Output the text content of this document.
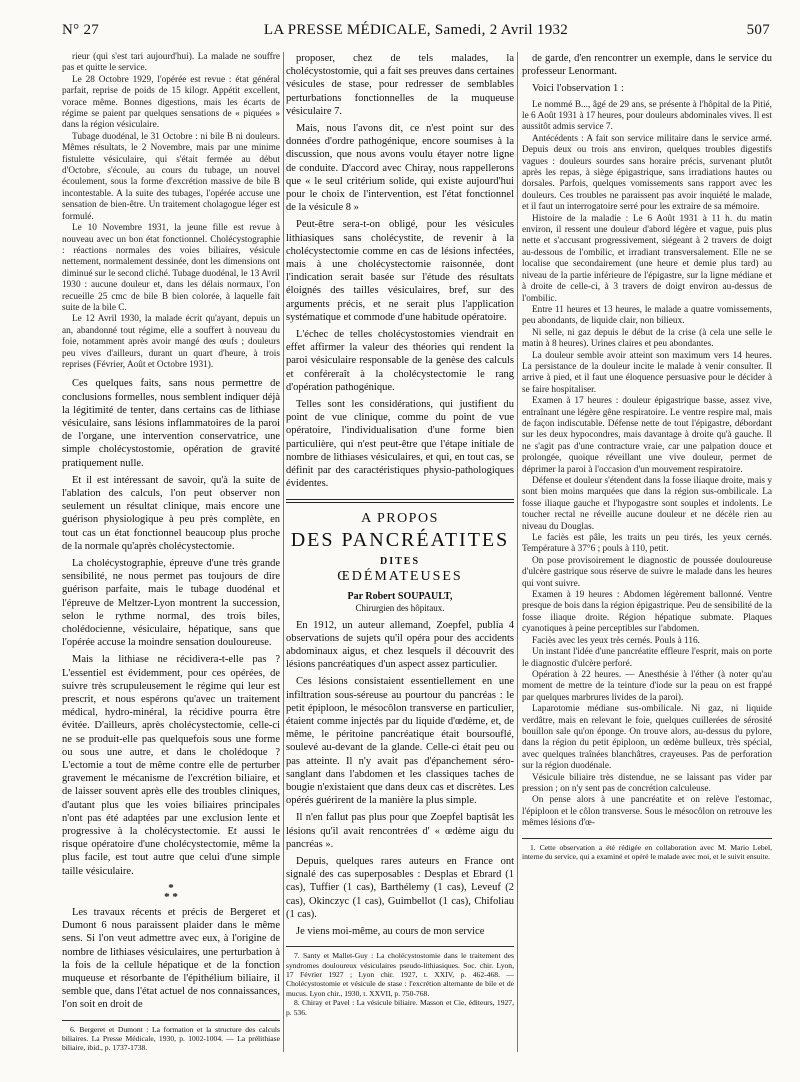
N° 27	LA PRESSE MÉDICALE, Samedi, 2 Avril 1932	507

rieur (qui s'est tari aujourd'hui). La malade ne souffre pas et quitte le service.

Le 28 Octobre 1929, l'opérée est revue : état général parfait, reprise de poids de 15 kilogr. Appétit excellent, vorace même. Bonnes digestions, mais les écarts de régime se paient par quelques sensations de « piquées » dans la région vésiculaire.

Tubage duodénal, le 31 Octobre : ni bile B ni douleurs. Mêmes résultats, le 2 Novembre, mais par une minime fistulette vésiculaire, qui s'était fermée au début d'Octobre, s'écoule, au cours du tubage, un nouvel écoulement, sous la forme d'excrétion massive de bile B incontestable. A la suite des tubages, l'opérée accuse une sensation de bien-être. Un traitement cholagogue léger est formulé.

Le 10 Novembre 1931, la jeune fille est revue à nouveau avec un bon état fonctionnel. Cholécystographie : réactions normales des voies biliaires, vésicule nettement, normalement dessinée, dont les dimensions ont diminué sur le second cliché. Tubage duodénal, le 13 Avril 1930 : aucune douleur et, dans les délais normaux, l'on recueille 25 cmc de bile B bien colorée, à laquelle fait suite de la bile C.

Le 12 Avril 1930, la malade écrit qu'ayant, depuis un an, abandonné tout régime, elle a souffert à nouveau du foie, notamment après avoir mangé des œufs ; douleurs peu vives d'ailleurs, durant un quart d'heure, à trois reprises (Février, Août et Octobre 1931).

Ces quelques faits, sans nous permettre de conclusions formelles, nous semblent indiquer déjà la légitimité de tenter, dans certains cas de lithiase vésiculaire, sans lésions inflammatoires de la paroi de l'organe, une intervention conservatrice, une simple cholécystostomie, opération de gravité pratiquement nulle.

Et il est intéressant de savoir, qu'à la suite de l'ablation des calculs, l'on peut observer non seulement un résultat clinique, mais encore une guérison physiologique à peu près complète, en tout cas un état fonctionnel beaucoup plus proche de la normale qu'après cholécystectomie.

La cholécystographie, épreuve d'une très grande sensibilité, ne nous permet pas toujours de dire guérison parfaite, mais le tubage duodénal et l'épreuve de Meltzer-Lyon montrent la succession, selon le rythme normal, des trois biles, cholédocienne, vésiculaire, hépatique, sans que l'opérée accuse la moindre sensation douloureuse.

Mais la lithiase ne récidivera-t-elle pas ? L'essentiel est évidemment, pour ces opérées, de suivre très scrupuleusement le régime qui leur est prescrit, et nous espérons qu'avec un traitement médical, hydro-minéral, la récidive pourra être évitée. D'ailleurs, après cholécystectomie, celle-ci ne se produit-elle pas quelquefois sous une forme ou sous une autre, et dans le cholédoque ? L'ectomie a tout de même contre elle de perturber gravement le mécanisme de l'excrétion biliaire, et de laisser souvent après elle des troubles cliniques, d'autant plus que les voies biliaires principales n'ont pas été adaptées par une exclusion lente et progressive à la cholécystectomie. Et aussi le risque opératoire d'une cholécystectomie, même la plus facile, est tout autre que celui d'une simple taille vésiculaire.

*
* *

Les travaux récents et précis de Bergeret et Dumont 6 nous paraissent plaider dans le même sens. Si l'on veut admettre avec eux, à l'origine de nombre de lithiases vésiculaires, une perturbation à la fois de la cellule hépatique et de la fonction muqueuse et résorbante de l'épithélium biliaire, il semble que, dans l'état actuel de nos connaissances, l'on soit en droit de

6. Bergeret et Dumont : La formation et la structure des calculs biliaires. La Presse Médicale, 1930, p. 1002-1004. — La prélithiase biliaire, ibid., p. 1737-1738.

proposer, chez de tels malades, la cholécystostomie, qui a fait ses preuves dans certaines vésicules de stase, pour redresser de semblables perturbations fonctionnelles de la muqueuse vésiculaire 7.

Mais, nous l'avons dit, ce n'est point sur des données d'ordre pathogénique, encore soumises à la discussion, que nous avons voulu étayer notre ligne de conduite. D'accord avec Chiray, nous rappellerons que « le seul critérium solide, qui existe aujourd'hui pour le choix de l'intervention, est l'état fonctionnel de la vésicule 8 »

Peut-être sera-t-on obligé, pour les vésicules lithiasiques sans cholécystite, de revenir à la cholécystectomie comme en cas de lésions infectées, mais à une cholécystectomie raisonnée, dont l'indication serait basée sur l'étude des résultats éloignés des tailles vésiculaires, bref, sur des arguments précis, et ne serait plus l'application systématique et commode d'une habitude opératoire.

L'échec de telles cholécystostomies viendrait en effet affirmer la valeur des théories qui rendent la paroi vésiculaire responsable de la genèse des calculs et conféreraît à la cholécystectomie le rang d'opération pathogénique.

Telles sont les considérations, qui justifient du point de vue clinique, comme du point de vue opératoire, l'individualisation d'une forme bien particulière, qui n'est peut-être que l'étape initiale de nombre de lithiases vésiculaires, et qui, en tout cas, se définit par des caractéristiques physio-pathologiques évidentes.

A PROPOS
DES PANCRÉATITES
DITES
ŒDÉMATEUSES
Par Robert SOUPAULT,
Chirurgien des hôpitaux.

En 1912, un auteur allemand, Zoepfel, publia 4 observations de sujets qu'il opéra pour des accidents abdominaux aigus, et chez lesquels il découvrit des lésions pancréatiques d'un aspect assez particulier.

Ces lésions consistaient essentiellement en une infiltration sous-séreuse au pourtour du pancréas : le petit épiploon, le mésocôlon transverse en particulier, étaient comme injectés par du liquide d'œdème, et, de même, le péritoine pancréatique était boursouflé, soulevé au-devant de la glande. Celle-ci était peu ou pas atteinte. Il n'y avait pas d'épanchement séro-sanglant dans l'abdomen et les classiques taches de bougie n'existaient que dans deux cas et discrètes. Les opérés guérirent de la manière la plus simple.

Il n'en fallut pas plus pour que Zoepfel baptisât les lésions qu'il avait rencontrées d' « œdème aigu du pancréas ».

Depuis, quelques rares auteurs en France ont signalé des cas superposables : Desplas et Ebrard (1 cas), Tuffier (1 cas), Barthélemy (1 cas), Leveuf (2 cas), Okinczyc (1 cas), Guimbellot (1 cas), Chifoliau (1 cas).

Je viens moi-même, au cours de mon service

7. Santy et Mallet-Guy : La cholécystostomie dans le traitement des syndromes douloureux vésiculaires pseudo-lithiasiques. Soc. chir. Lyon, 17 Février 1927 ; Lyon chir. 1927, t. XXIV, p. 462-468. — Cholécystostomie et vésicule de stase : l'excrétion alternante de bile et de mucus. Lyon chir., 1930, t. XXVII, p. 750-768.

8. Chiray et Pavel : La vésicule biliaire. Masson et Cie, éditeurs, 1927, p. 536.

de garde, d'en rencontrer un exemple, dans le service du professeur Lenormant.

Voici l'observation 1 :

Le nommé B..., âgé de 29 ans, se présente à l'hôpital de la Pitié, le 6 Août 1931 à 17 heures, pour douleurs abdominales vives. Il est aussitôt admis service 7.

Antécédents : A fait son service militaire dans le service armé. Depuis deux ou trois ans environ, quelques troubles digestifs vagues : douleurs sourdes sans horaire précis, survenant plutôt après les repas, à siège épigastrique, sans irradiations hautes ou dorsales. Parfois, quelques vomissements sans rapport avec les douleurs. Ces troubles ne paraissent pas avoir inquiété le malade, et il faut un interrogatoire serré pour les extraire de sa mémoire.

Histoire de la maladie : Le 6 Août 1931 à 11 h. du matin environ, il ressent une douleur d'abord légère et vague, puis plus nette et s'accusant progressivement, siégeant à 2 travers de doigt au-dessous de l'ombilic, et irradiant transversalement. Elle ne se localise que secondairement (une heure et demie plus tard) au niveau de la partie inférieure de l'épigastre, sur la ligne médiane et à droite de celle-ci, à 3 travers de doigt environ au-dessus de l'ombilic.

Entre 11 heures et 13 heures, le malade a quatre vomissements, peu abondants, de liquide clair, non bilieux.

Ni selle, ni gaz depuis le début de la crise (à cela une selle le matin à 8 heures). Urines claires et peu abondantes.

La douleur semble avoir atteint son maximum vers 14 heures. La persistance de la douleur incite le malade à venir consulter. Il arrive à pied, et il faut une éloquence persuasive pour le décider à se faire hospitaliser.

Examen à 17 heures : douleur épigastrique basse, assez vive, entraînant une légère gêne respiratoire. Le ventre respire mal, mais de façon indiscutable. Défense nette de tout l'épigastre, débordant sur les deux hypocondres, mais davantage à droite qu'à gauche. Il ne s'agit pas d'une contracture vraie, car une palpation douce et prolongée, quoique réveillant une vive douleur, permet de déprimer la paroi à l'occasion d'un mouvement respiratoire.

Défense et douleur s'étendent dans la fosse iliaque droite, mais y sont bien moins marquées que dans la région sus-ombilicale. La fosse iliaque gauche et l'hypogastre sont souples et indolents. Le toucher rectal ne réveille aucune douleur et ne décèle rien au niveau du Douglas.

Le faciès est pâle, les traits un peu tirés, les yeux cernés. Température à 37°6 ; pouls à 110, petit.

On pose provisoirement le diagnostic de poussée douloureuse d'ulcère gastrique sous réserve de suivre le malade dans les heures qui vont suivre.

Examen à 19 heures : Abdomen légèrement ballonné. Ventre presque de bois dans la région épigastrique. Peu de sensibilité de la fosse iliaque droite. Région hépatique submate. Plaques cyanotiques à peine perceptibles sur l'abdomen.

Faciès avec les yeux très cernés. Pouls à 116.

Un instant l'idée d'une pancréatite effleure l'esprit, mais on porte le diagnostic d'ulcère perforé.

Opération à 22 heures. — Anesthésie à l'éther (à noter qu'au moment de mettre de la teinture d'iode sur la peau on est frappé par quelques marbrures livides de la paroi).

Laparotomie médiane sus-ombilicale. Ni gaz, ni liquide verdâtre, mais en relevant le foie, quelques cuillerées de sérosité bouillon sale qu'on éponge. On trouve alors, au-dessus du pylore, dans la région du petit épiploon, un œdème bulleux, très spécial, avec quelques traînées blanchâtres, crayeuses. Pas de perforation sur la région duodénale.

Vésicule biliaire très distendue, ne se laissant pas vider par pression ; on n'y sent pas de concrétion calculeuse.

On pense alors à une pancréatite et on relève l'estomac, l'épiploon et le côlon transverse. Sous le mésocôlon on retrouve les mêmes lésions d'œ-

1. Cette observation a été rédigée en collaboration avec M. Mario Lebel, interne du service, qui a examiné et opéré le malade avec moi, et le suivit ensuite.
